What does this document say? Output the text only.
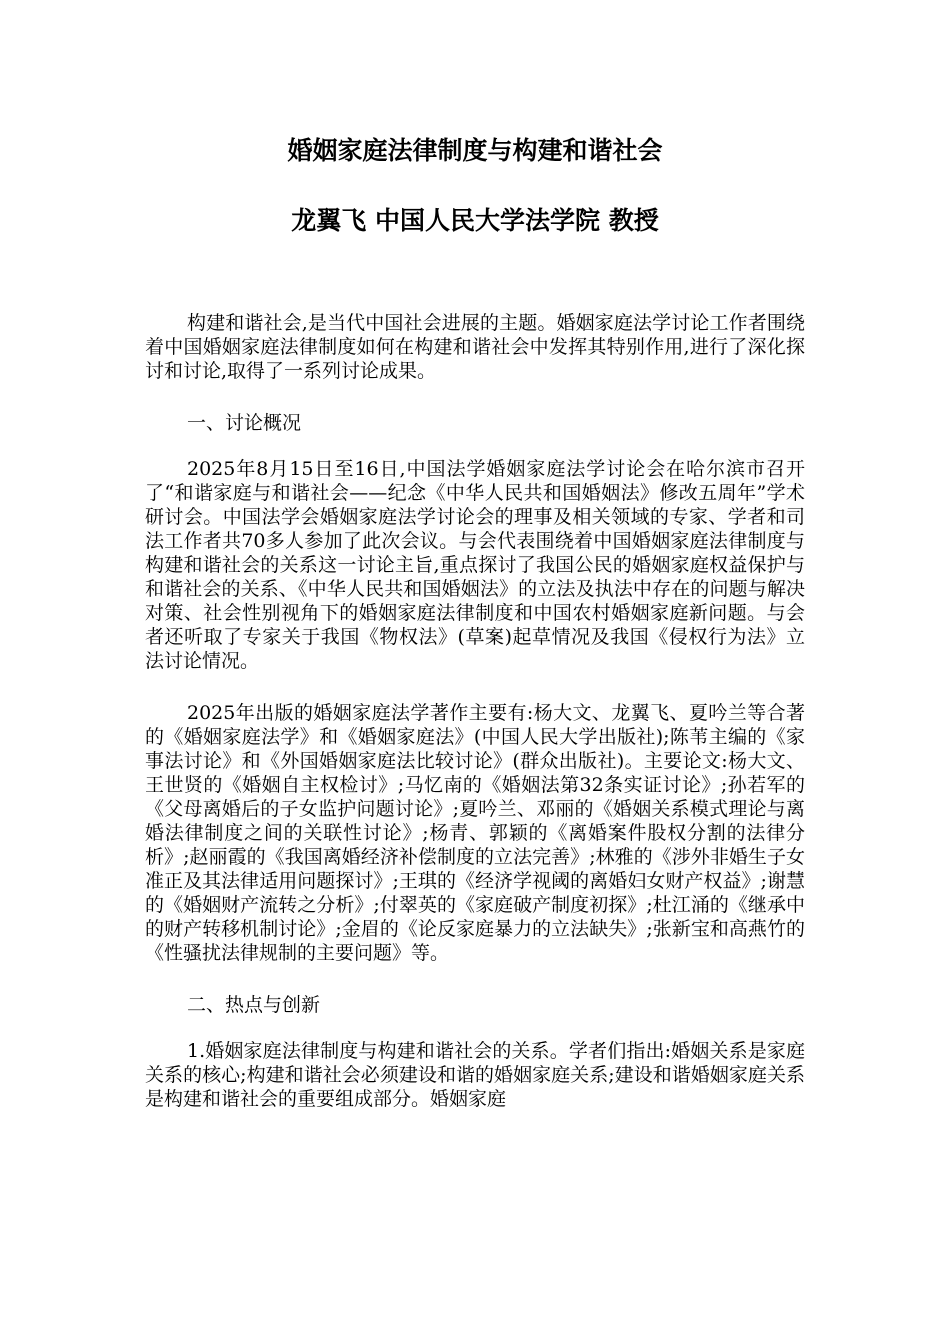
婚姻家庭法律制度与构建和谐社会
龙翼飞 中国人民大学法学院 教授

构建和谐社会,是当代中国社会进展的主题。婚姻家庭法学讨论工作者围绕着中国婚姻家庭法律制度如何在构建和谐社会中发挥其特别作用,进行了深化探讨和讨论,取得了一系列讨论成果。

一、讨论概况

2025年8月15日至16日,中国法学婚姻家庭法学讨论会在哈尔滨市召开了“和谐家庭与和谐社会——纪念《中华人民共和国婚姻法》修改五周年”学术研讨会。中国法学会婚姻家庭法学讨论会的理事及相关领域的专家、学者和司法工作者共70多人参加了此次会议。与会代表围绕着中国婚姻家庭法律制度与构建和谐社会的关系这一讨论主旨,重点探讨了我国公民的婚姻家庭权益保护与和谐社会的关系、《中华人民共和国婚姻法》的立法及执法中存在的问题与解决对策、社会性别视角下的婚姻家庭法律制度和中国农村婚姻家庭新问题。与会者还听取了专家关于我国《物权法》(草案)起草情况及我国《侵权行为法》立法讨论情况。

2025年出版的婚姻家庭法学著作主要有:杨大文、龙翼飞、夏吟兰等合著的《婚姻家庭法学》和《婚姻家庭法》(中国人民大学出版社);陈苇主编的《家事法讨论》和《外国婚姻家庭法比较讨论》(群众出版社)。主要论文:杨大文、王世贤的《婚姻自主权检讨》;马忆南的《婚姻法第32条实证讨论》;孙若军的《父母离婚后的子女监护问题讨论》;夏吟兰、邓丽的《婚姻关系模式理论与离婚法律制度之间的关联性讨论》;杨青、郭颖的《离婚案件股权分割的法律分析》;赵丽霞的《我国离婚经济补偿制度的立法完善》;林雅的《涉外非婚生子女准正及其法律适用问题探讨》;王琪的《经济学视阈的离婚妇女财产权益》;谢慧的《婚姻财产流转之分析》;付翠英的《家庭破产制度初探》;杜江涌的《继承中的财产转移机制讨论》;金眉的《论反家庭暴力的立法缺失》;张新宝和高燕竹的《性骚扰法律规制的主要问题》等。

二、热点与创新

1.婚姻家庭法律制度与构建和谐社会的关系。学者们指出:婚姻关系是家庭关系的核心;构建和谐社会必须建设和谐的婚姻家庭关系;建设和谐婚姻家庭关系是构建和谐社会的重要组成部分。婚姻家庭
